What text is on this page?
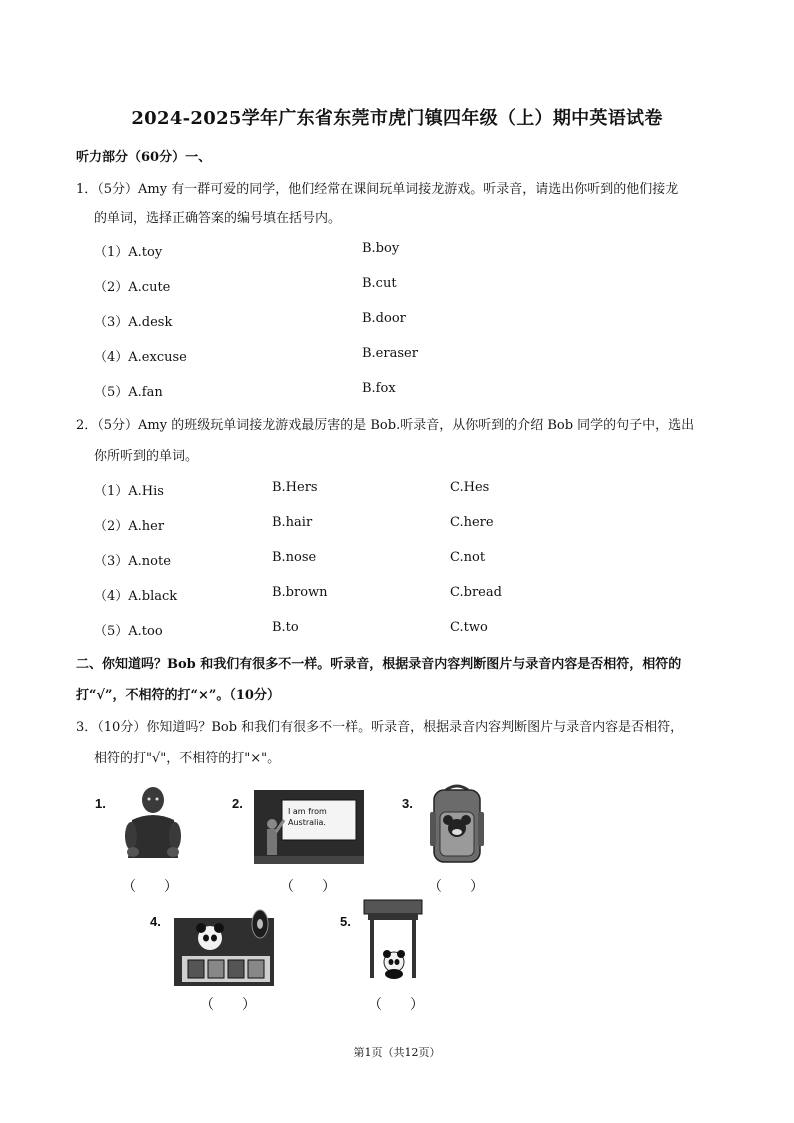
2024-2025学年广东省东莞市虎门镇四年级（上）期中英语试卷
听力部分（60分）一、
1．（5分）Amy 有一群可爱的同学，他们经常在课间玩单词接龙游戏。听录音，请选出你听到的他们接龙
的单词，选择正确答案的编号填在括号内。
（1）A.toy	B.boy
（2）A.cute	B.cut
（3）A.desk	B.door
（4）A.excuse	B.eraser
（5）A.fan	B.fox
2．（5分）Amy 的班级玩单词接龙游戏最厉害的是 Bob.听录音，从你听到的介绍 Bob 同学的句子中，选出
你所听到的单词。
（1）A.His	B.Hers	C.Hes
（2）A.her	B.hair	C.here
（3）A.note	B.nose	C.not
（4）A.black	B.brown	C.bread
（5）A.too	B.to	C.two
二、你知道吗？Bob 和我们有很多不一样。听录音，根据录音内容判断图片与录音内容是否相符，相符的
打“√”，不相符的打“×”。（10分）
3．（10分）你知道吗？Bob 和我们有很多不一样。听录音，根据录音内容判断图片与录音内容是否相符，
相符的打"√"，不相符的打"×"。
1.
（　　）
2.
I am from
Australia.
（　　）
3.
（　　）
4.
（　　）
5.
（　　）
第1页（共12页）
